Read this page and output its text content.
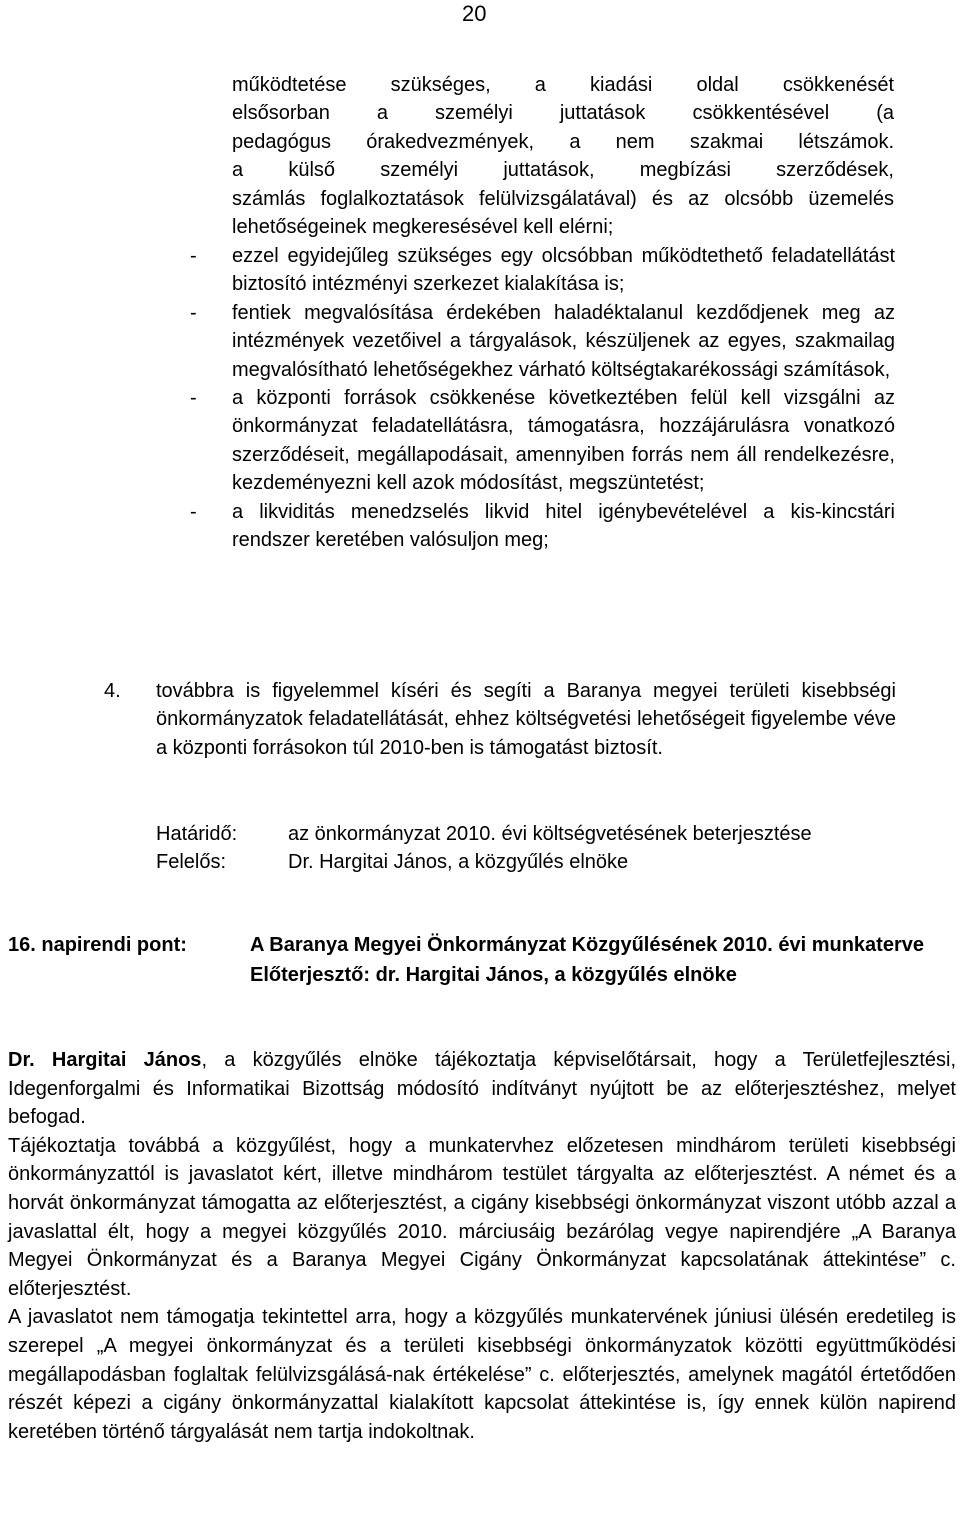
20
működtetése szükséges, a kiadási oldal csökkenését
elsősorban a személyi juttatások csökkentésével (a
pedagógus órakedvezmények, a nem szakmai létszámok.
a külső személyi juttatások, megbízási szerződések,
számlás foglalkoztatások felülvizsgálatával) és az olcsóbb üzemelés lehetőségeinek megkeresésével kell elérni;
- ezzel egyidejűleg szükséges egy olcsóbban működtethető feladatellátást biztosító intézményi szerkezet kialakítása is;
- fentiek megvalósítása érdekében haladéktalanul kezdődjenek meg az intézmények vezetőivel a tárgyalások, készüljenek az egyes, szakmailag megvalósítható lehetőségekhez várható költségtakarékossági számítások,
- a központi források csökkenése következtében felül kell vizsgálni az önkormányzat feladatellátásra, támogatásra, hozzájárulásra vonatkozó szerződéseit, megállapodásait, amennyiben forrás nem áll rendelkezésre, kezdeményezni kell azok módosítást, megszüntetést;
- a likviditás menedzselés likvid hitel igénybevételével a kis-kincstári rendszer keretében valósuljon meg;
4. továbbra is figyelemmel kíséri és segíti a Baranya megyei területi kisebbségi önkormányzatok feladatellátását, ehhez költségvetési lehetőségeit figyelembe véve a központi forrásokon túl 2010-ben is támogatást biztosít.
Határidő:	az önkormányzat 2010. évi költségvetésének beterjesztése
Felelős:	Dr. Hargitai János, a közgyűlés elnöke
16. napirendi pont:	A Baranya Megyei Önkormányzat Közgyűlésének 2010. évi munkaterve
Előterjesztő: dr. Hargitai János, a közgyűlés elnöke

Dr. Hargitai János, a közgyűlés elnöke tájékoztatja képviselőtársait, hogy a Területfejlesztési, Idegenforgalmi és Informatikai Bizottság módosító indítványt nyújtott be az előterjesztéshez, melyet befogad.

Tájékoztatja továbbá a közgyűlést, hogy a munkatervhez előzetesen mindhárom területi kisebbségi önkormányzattól is javaslatot kért, illetve mindhárom testület tárgyalta az előterjesztést. A német és a horvát önkormányzat támogatta az előterjesztést, a cigány kisebbségi önkormányzat viszont utóbb azzal a javaslattal élt, hogy a megyei közgyűlés 2010. márciusáig bezárólag vegye napirendjére „A Baranya Megyei Önkormányzat és a Baranya Megyei Cigány Önkormányzat kapcsolatának áttekintése” c. előterjesztést.

A javaslatot nem támogatja tekintettel arra, hogy a közgyűlés munkatervének júniusi ülésén eredetileg is szerepel „A megyei önkormányzat és a területi kisebbségi önkormányzatok közötti együttműködési megállapodásban foglaltak felülvizsgálásá-nak értékelése” c. előterjesztés, amelynek magától értetődően részét képezi a cigány önkormányzattal kialakított kapcsolat áttekintése is, így ennek külön napirend keretében történő tárgyalását nem tartja indokoltnak.
